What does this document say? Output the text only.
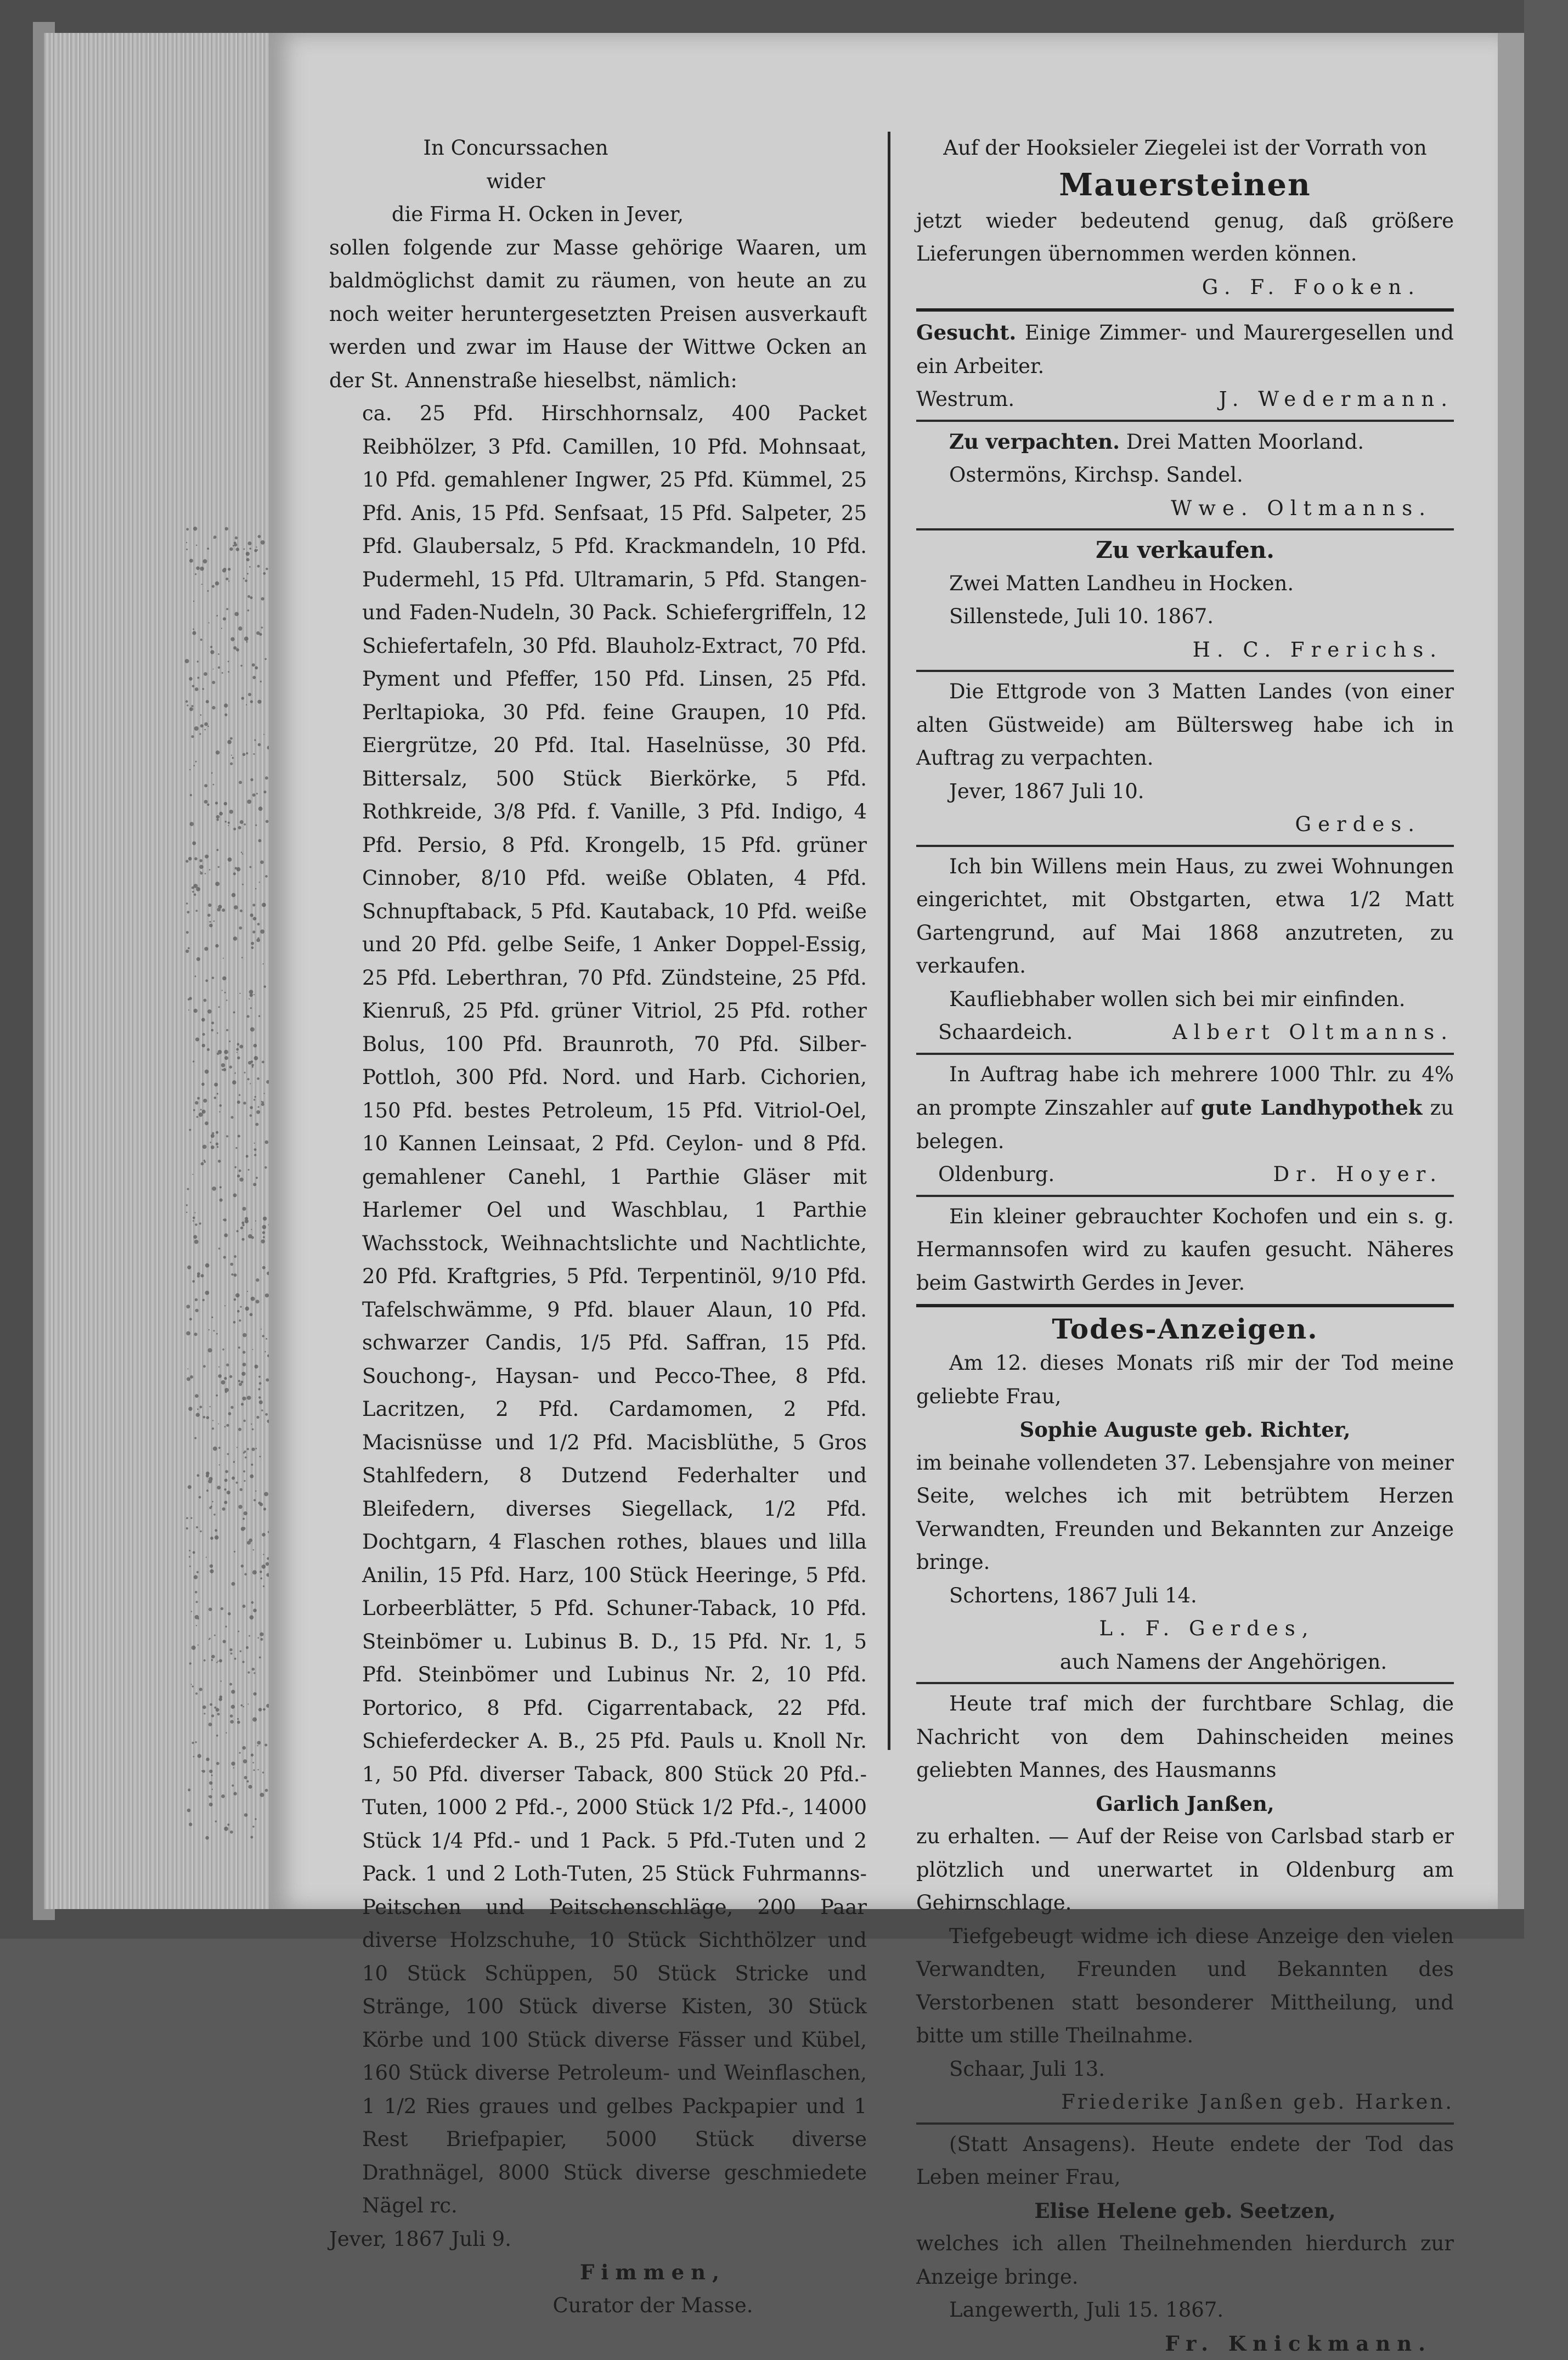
In Concurssachen
wider
die Firma H. Ocken in Jever,

sollen folgende zur Masse gehörige Waaren, um baldmöglichst damit zu räumen, von heute an zu noch weiter heruntergesetzten Preisen ausverkauft werden und zwar im Hause der Wittwe Ocken an der St. Annenstraße hieselbst, nämlich:

ca. 25 Pfd. Hirschhornsalz, 400 Packet Reibhölzer, 3 Pfd. Camillen, 10 Pfd. Mohnsaat, 10 Pfd. gemahlener Ingwer, 25 Pfd. Kümmel, 25 Pfd. Anis, 15 Pfd. Senfsaat, 15 Pfd. Salpeter, 25 Pfd. Glaubersalz, 5 Pfd. Krackmandeln, 10 Pfd. Pudermehl, 15 Pfd. Ultramarin, 5 Pfd. Stangen- und Faden-Nudeln, 30 Pack. Schiefergriffeln, 12 Schiefertafeln, 30 Pfd. Blauholz-Extract, 70 Pfd. Pyment und Pfeffer, 150 Pfd. Linsen, 25 Pfd. Perltapioka, 30 Pfd. feine Graupen, 10 Pfd. Eiergrütze, 20 Pfd. Ital. Haselnüsse, 30 Pfd. Bittersalz, 500 Stück Bierkörke, 5 Pfd. Rothkreide, 3/8 Pfd. f. Vanille, 3 Pfd. Indigo, 4 Pfd. Persio, 8 Pfd. Krongelb, 15 Pfd. grüner Cinnober, 8/10 Pfd. weiße Oblaten, 4 Pfd. Schnupftaback, 5 Pfd. Kautaback, 10 Pfd. weiße und 20 Pfd. gelbe Seife, 1 Anker Doppel-Essig, 25 Pfd. Leberthran, 70 Pfd. Zündsteine, 25 Pfd. Kienruß, 25 Pfd. grüner Vitriol, 25 Pfd. rother Bolus, 100 Pfd. Braunroth, 70 Pfd. Silber-Pottloh, 300 Pfd. Nord. und Harb. Cichorien, 150 Pfd. bestes Petroleum, 15 Pfd. Vitriol-Oel, 10 Kannen Leinsaat, 2 Pfd. Ceylon- und 8 Pfd. gemahlener Canehl, 1 Parthie Gläser mit Harlemer Oel und Waschblau, 1 Parthie Wachsstock, Weihnachtslichte und Nachtlichte, 20 Pfd. Kraftgries, 5 Pfd. Terpentinöl, 9/10 Pfd. Tafelschwämme, 9 Pfd. blauer Alaun, 10 Pfd. schwarzer Candis, 1/5 Pfd. Saffran, 15 Pfd. Souchong-, Haysan- und Pecco-Thee, 8 Pfd. Lacritzen, 2 Pfd. Cardamomen, 2 Pfd. Macisnüsse und 1/2 Pfd. Macisblüthe, 5 Gros Stahlfedern, 8 Dutzend Federhalter und Bleifedern, diverses Siegellack, 1/2 Pfd. Dochtgarn, 4 Flaschen rothes, blaues und lilla Anilin, 15 Pfd. Harz, 100 Stück Heeringe, 5 Pfd. Lorbeerblätter, 5 Pfd. Schuner-Taback, 10 Pfd. Steinbömer u. Lubinus B. D., 15 Pfd. Nr. 1, 5 Pfd. Steinbömer und Lubinus Nr. 2, 10 Pfd. Portorico, 8 Pfd. Cigarrentaback, 22 Pfd. Schieferdecker A. B., 25 Pfd. Pauls u. Knoll Nr. 1, 50 Pfd. diverser Taback, 800 Stück 20 Pfd.-Tuten, 1000 2 Pfd.-, 2000 Stück 1/2 Pfd.-, 14000 Stück 1/4 Pfd.- und 1 Pack. 5 Pfd.-Tuten und 2 Pack. 1 und 2 Loth-Tuten, 25 Stück Fuhrmanns-Peitschen und Peitschenschläge, 200 Paar diverse Holzschuhe, 10 Stück Sichthölzer und 10 Stück Schüppen, 50 Stück Stricke und Stränge, 100 Stück diverse Kisten, 30 Stück Körbe und 100 Stück diverse Fässer und Kübel, 160 Stück diverse Petroleum- und Weinflaschen, 1 1/2 Ries graues und gelbes Packpapier und 1 Rest Briefpapier, 5000 Stück diverse Drathnägel, 8000 Stück diverse geschmiedete Nägel rc.

Jever, 1867 Juli 9.
Fimmen,
Curator der Masse.
Auf der Hooksieler Ziegelei ist der Vorrath von
Mauersteinen

jetzt wieder bedeutend genug, daß größere Lieferungen übernommen werden können.

G. F. Fooken.

Gesucht. Einige Zimmer- und Maurergesellen und ein Arbeiter.

Westrum.	J. Wedermann.

Zu verpachten. Drei Matten Moorland.

Ostermöns, Kirchsp. Sandel.
Wwe. Oltmanns.
Zu verkaufen.
Zwei Matten Landheu in Hocken.
Sillenstede, Juli 10. 1867.
H. C. Frerichs.

Die Ettgrode von 3 Matten Landes (von einer alten Güstweide) am Bültersweg habe ich in Auftrag zu verpachten.

Jever, 1867 Juli 10.
Gerdes.

Ich bin Willens mein Haus, zu zwei Wohnungen eingerichtet, mit Obstgarten, etwa 1/2 Matt Gartengrund, auf Mai 1868 anzutreten, zu verkaufen.

Kaufliebhaber wollen sich bei mir einfinden.
Schaardeich.	Albert Oltmanns.

In Auftrag habe ich mehrere 1000 Thlr. zu 4% an prompte Zinszahler auf gute Landhypothek zu belegen.

Oldenburg.	Dr. Hoyer.

Ein kleiner gebrauchter Kochofen und ein s. g. Hermannsofen wird zu kaufen gesucht. Näheres beim Gastwirth Gerdes in Jever.

Todes-Anzeigen.

Am 12. dieses Monats riß mir der Tod meine geliebte Frau,

Sophie Auguste geb. Richter,

im beinahe vollendeten 37. Lebensjahre von meiner Seite, welches ich mit betrübtem Herzen Verwandten, Freunden und Bekannten zur Anzeige bringe.

Schortens, 1867 Juli 14.
L. F. Gerdes,
auch Namens der Angehörigen.

Heute traf mich der furchtbare Schlag, die Nachricht von dem Dahinscheiden meines geliebten Mannes, des Hausmanns

Garlich Janßen,

zu erhalten. — Auf der Reise von Carlsbad starb er plötzlich und unerwartet in Oldenburg am Gehirnschlage.

Tiefgebeugt widme ich diese Anzeige den vielen Verwandten, Freunden und Bekannten des Verstorbenen statt besonderer Mittheilung, und bitte um stille Theilnahme.

Schaar, Juli 13.
Friederike Janßen geb. Harken.

(Statt Ansagens). Heute endete der Tod das Leben meiner Frau,

Elise Helene geb. Seetzen,

welches ich allen Theilnehmenden hierdurch zur Anzeige bringe.

Langewerth, Juli 15. 1867.
Fr. Knickmann.
